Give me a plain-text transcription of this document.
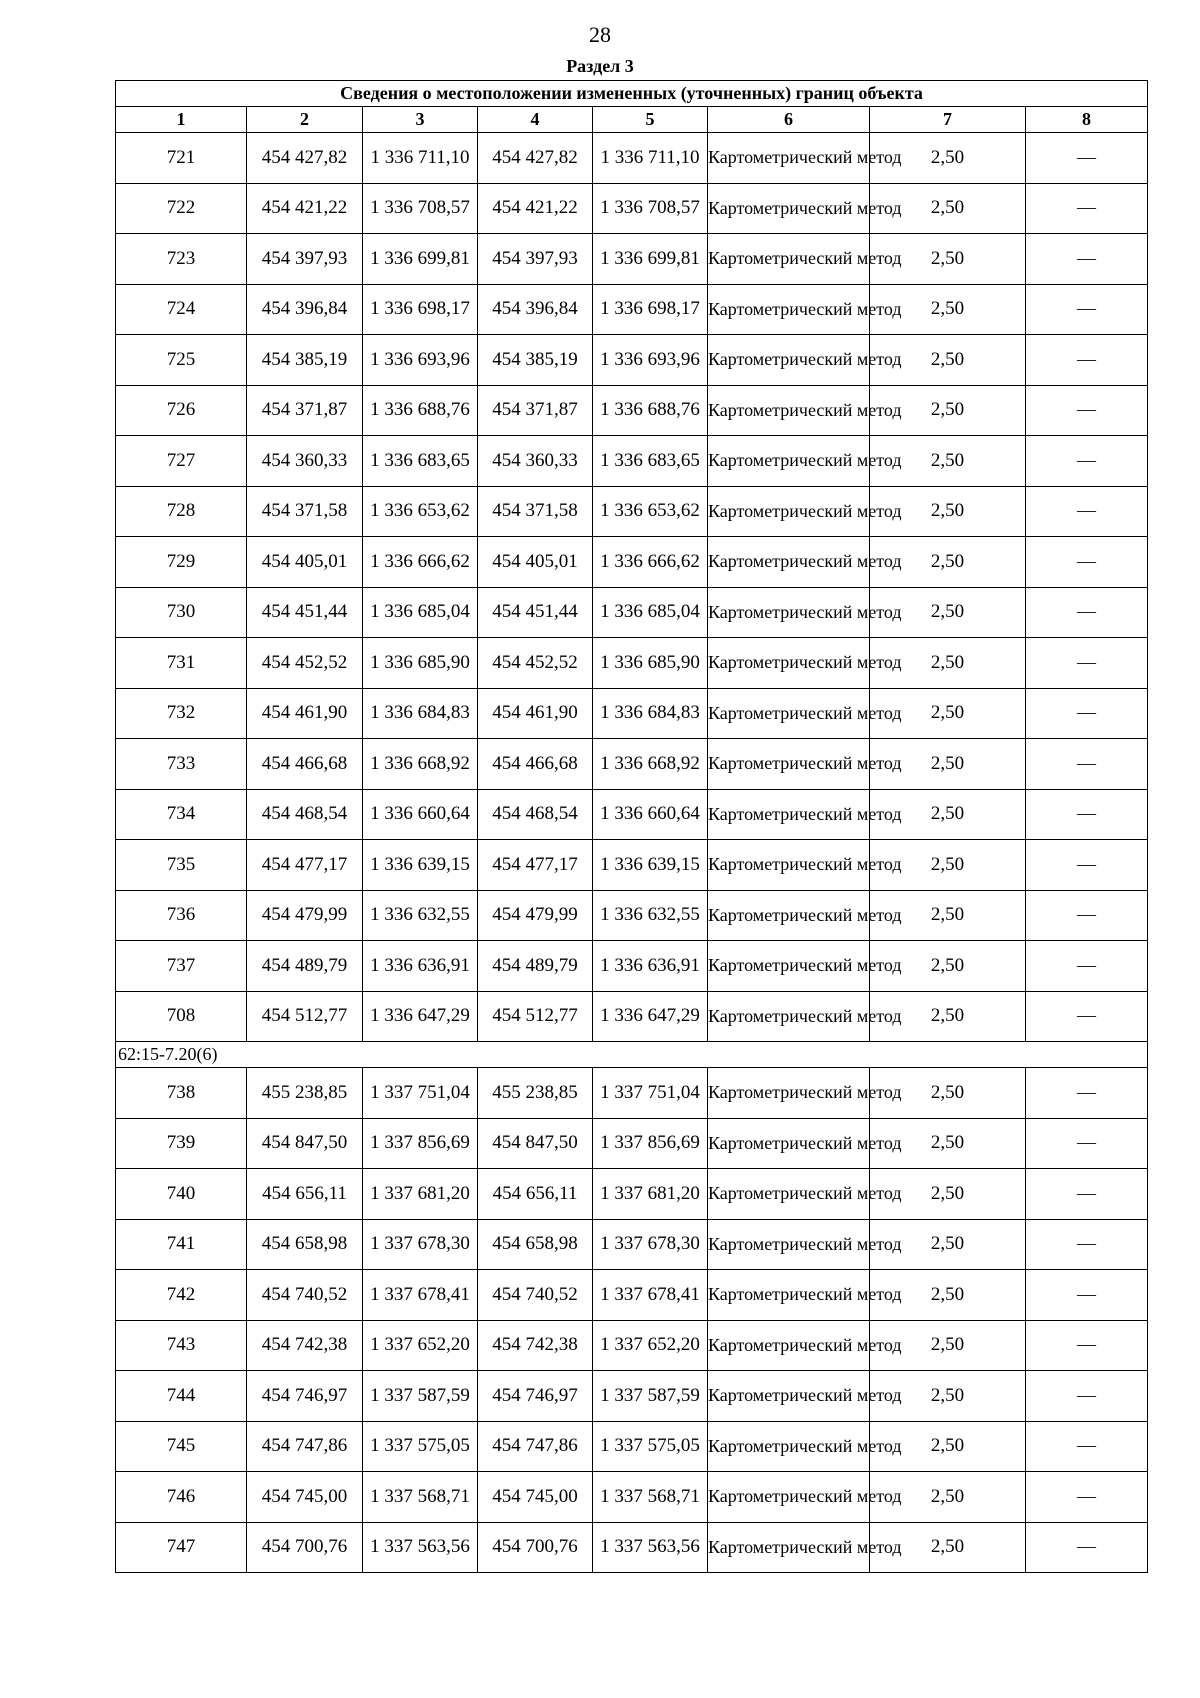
28
Раздел 3
Сведения о местоположении измененных (уточненных) границ объекта							
1	2	3	4	5	6	7	8
721	454 427,82	1 336 711,10	454 427,82	1 336 711,10	Картометрический метод	2,50	—
722	454 421,22	1 336 708,57	454 421,22	1 336 708,57	Картометрический метод	2,50	—
723	454 397,93	1 336 699,81	454 397,93	1 336 699,81	Картометрический метод	2,50	—
724	454 396,84	1 336 698,17	454 396,84	1 336 698,17	Картометрический метод	2,50	—
725	454 385,19	1 336 693,96	454 385,19	1 336 693,96	Картометрический метод	2,50	—
726	454 371,87	1 336 688,76	454 371,87	1 336 688,76	Картометрический метод	2,50	—
727	454 360,33	1 336 683,65	454 360,33	1 336 683,65	Картометрический метод	2,50	—
728	454 371,58	1 336 653,62	454 371,58	1 336 653,62	Картометрический метод	2,50	—
729	454 405,01	1 336 666,62	454 405,01	1 336 666,62	Картометрический метод	2,50	—
730	454 451,44	1 336 685,04	454 451,44	1 336 685,04	Картометрический метод	2,50	—
731	454 452,52	1 336 685,90	454 452,52	1 336 685,90	Картометрический метод	2,50	—
732	454 461,90	1 336 684,83	454 461,90	1 336 684,83	Картометрический метод	2,50	—
733	454 466,68	1 336 668,92	454 466,68	1 336 668,92	Картометрический метод	2,50	—
734	454 468,54	1 336 660,64	454 468,54	1 336 660,64	Картометрический метод	2,50	—
735	454 477,17	1 336 639,15	454 477,17	1 336 639,15	Картометрический метод	2,50	—
736	454 479,99	1 336 632,55	454 479,99	1 336 632,55	Картометрический метод	2,50	—
737	454 489,79	1 336 636,91	454 489,79	1 336 636,91	Картометрический метод	2,50	—
708	454 512,77	1 336 647,29	454 512,77	1 336 647,29	Картометрический метод	2,50	—
62:15-7.20(6)							
738	455 238,85	1 337 751,04	455 238,85	1 337 751,04	Картометрический метод	2,50	—
739	454 847,50	1 337 856,69	454 847,50	1 337 856,69	Картометрический метод	2,50	—
740	454 656,11	1 337 681,20	454 656,11	1 337 681,20	Картометрический метод	2,50	—
741	454 658,98	1 337 678,30	454 658,98	1 337 678,30	Картометрический метод	2,50	—
742	454 740,52	1 337 678,41	454 740,52	1 337 678,41	Картометрический метод	2,50	—
743	454 742,38	1 337 652,20	454 742,38	1 337 652,20	Картометрический метод	2,50	—
744	454 746,97	1 337 587,59	454 746,97	1 337 587,59	Картометрический метод	2,50	—
745	454 747,86	1 337 575,05	454 747,86	1 337 575,05	Картометрический метод	2,50	—
746	454 745,00	1 337 568,71	454 745,00	1 337 568,71	Картометрический метод	2,50	—
747	454 700,76	1 337 563,56	454 700,76	1 337 563,56	Картометрический метод	2,50	—
